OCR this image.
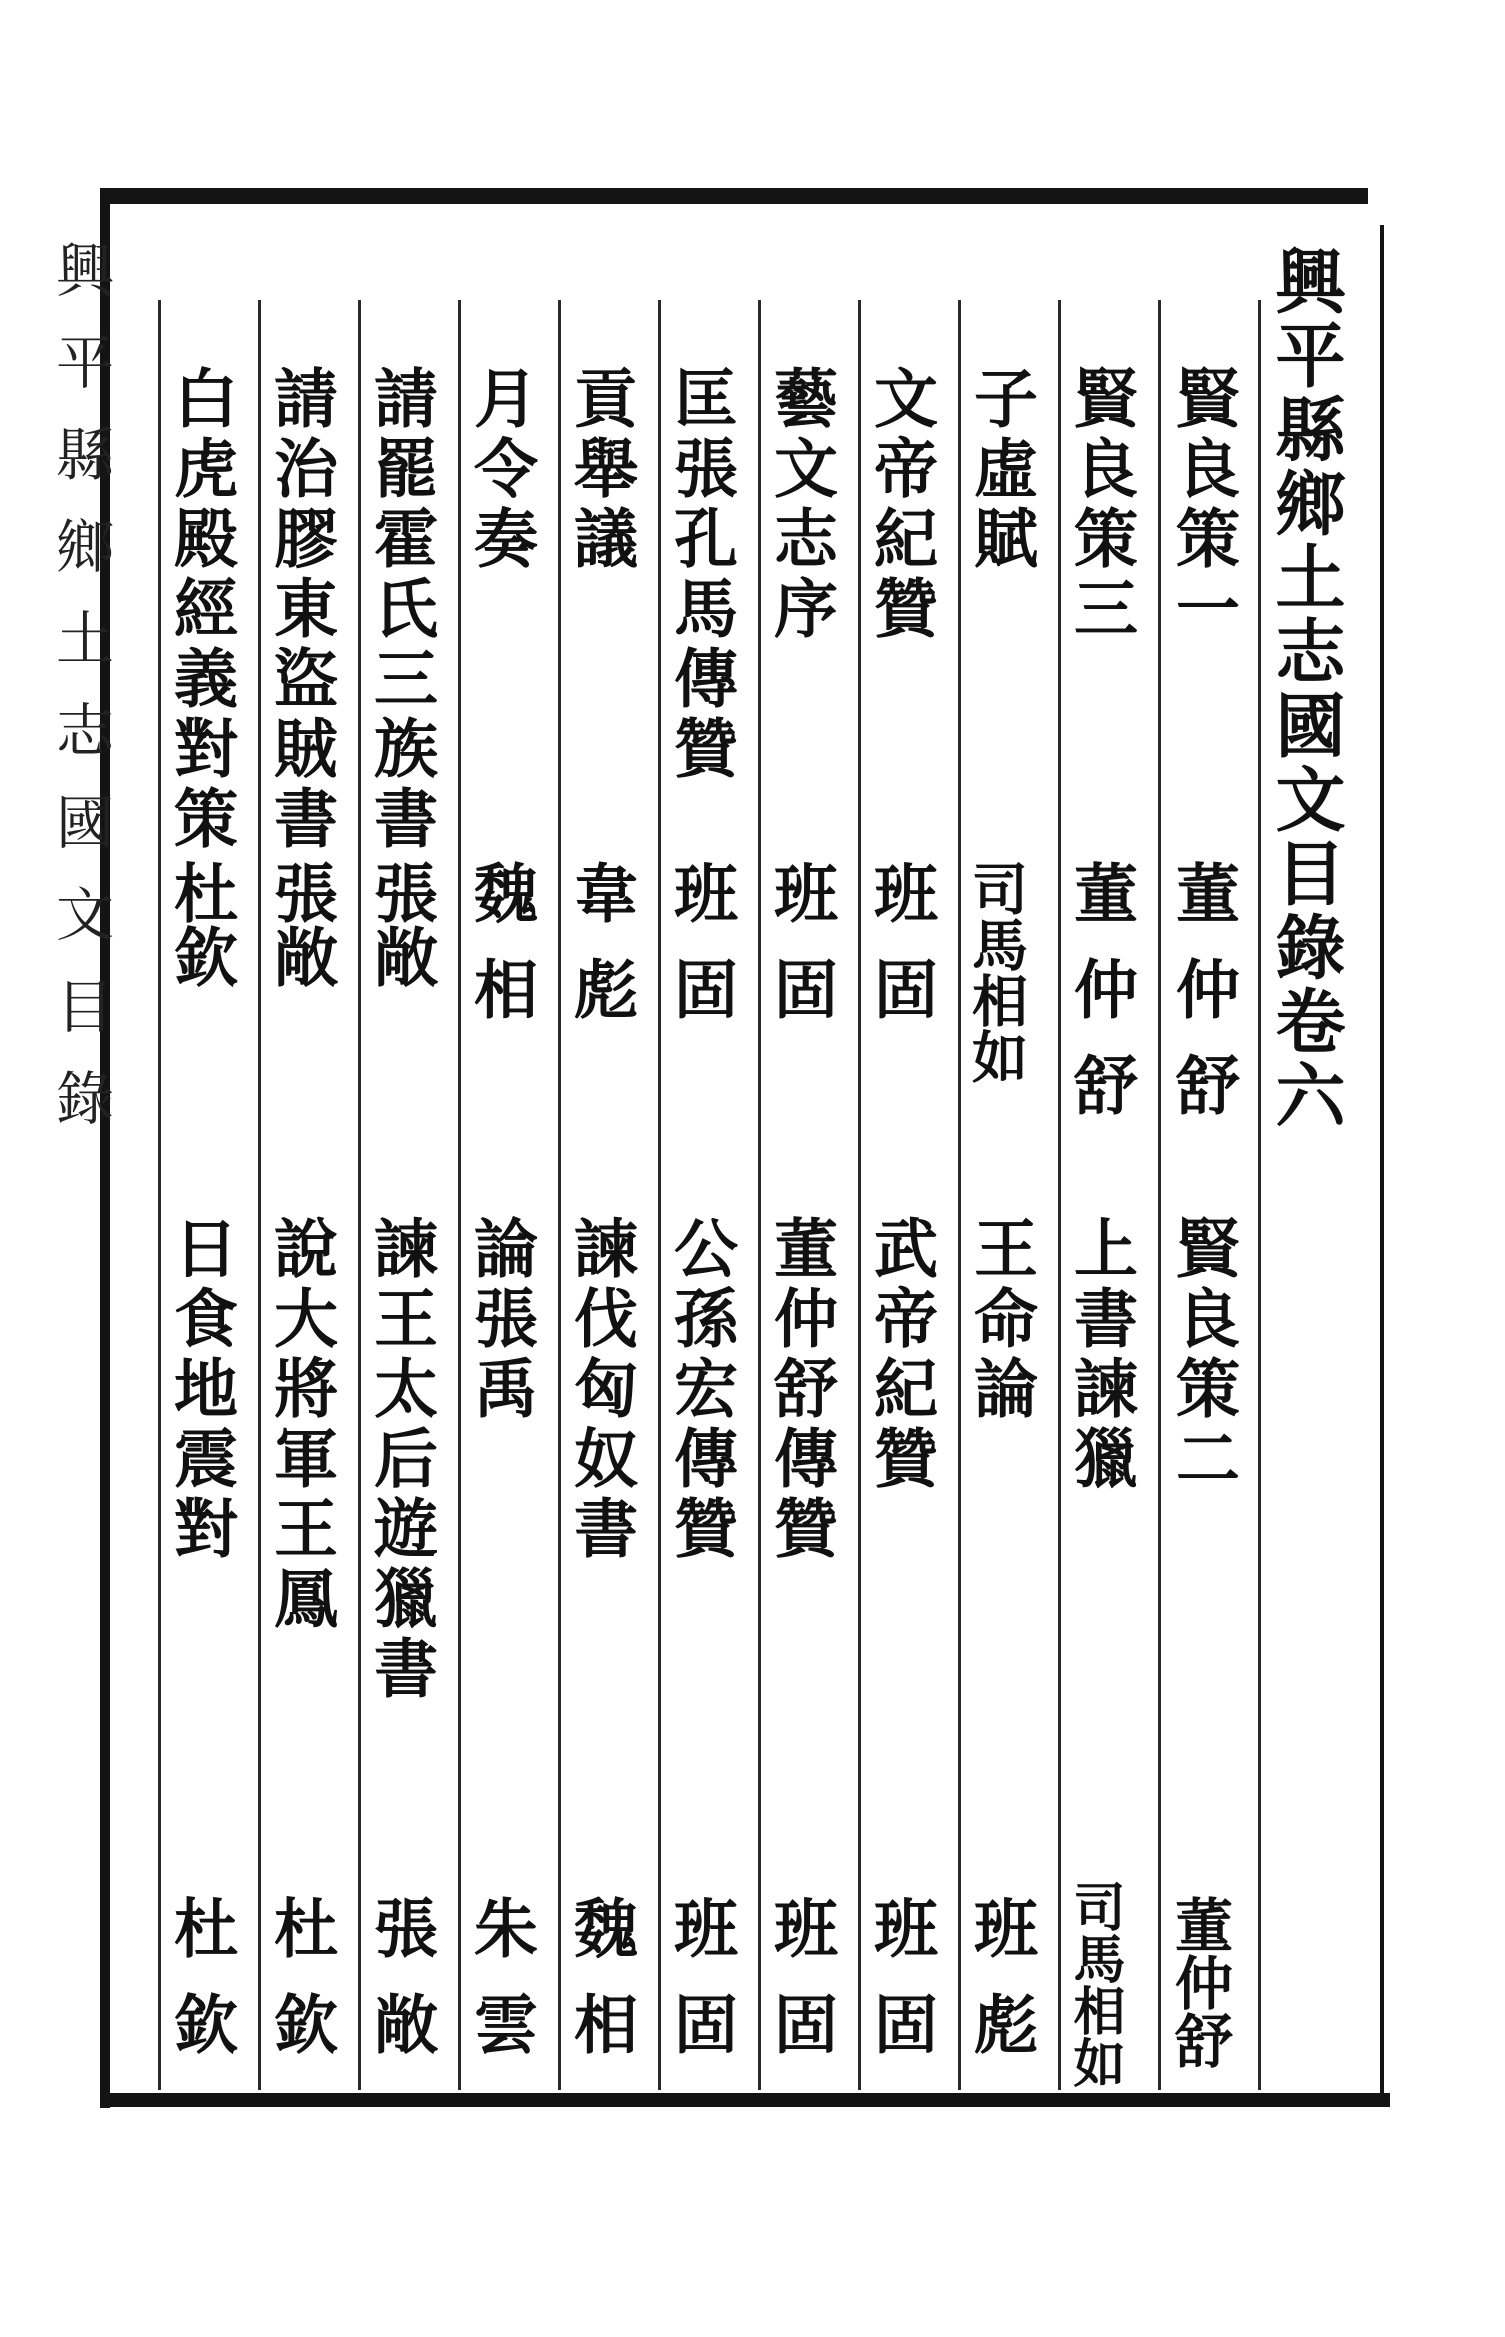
興平縣鄉土志國文目錄卷六
賢良策一
董仲舒
賢良策二
董仲舒
賢良策三
董仲舒
上書諫獵
司馬相如
子虛賦
司馬相如
王命論
班彪
文帝紀贊
班固
武帝紀贊
班固
藝文志序
班固
董仲舒傳贊
班固
匡張孔馬傳贊
班固
公孫宏傳贊
班固
貢舉議
韋彪
諫伐匈奴書
魏相
月令奏
魏相
論張禹
朱雲
請罷霍氏三族書
張敞
諫王太后遊獵書
張敞
請治膠東盜賊書
張敞
說大將軍王鳳
杜欽
白虎殿經義對策
杜欽
日食地震對
杜欽
興平縣鄉土志國文目錄
